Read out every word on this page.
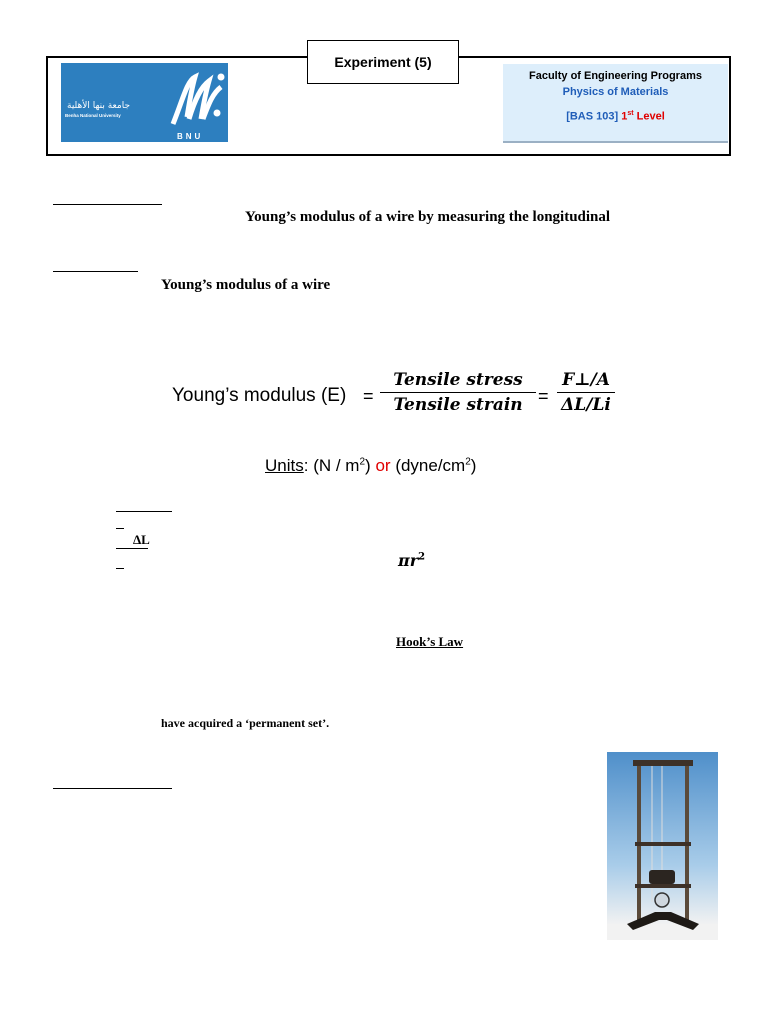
Experiment (5)
جامعة بنها الأهلية
Benha National University
BNU
Faculty of Engineering Programs
Physics of Materials
[BAS 103] 1st Level
Young’s modulus of a wire by measuring the longitudinal
Young’s modulus of a wire
Young’s modulus (E) =
Tensile stress
Tensile strain =
F⊥/A
ΔL/Li
Units: $(N / m^2)$ or $(dyne/cm^2)$
ΔL
$\pi r^2$
Hook’s Law
have acquired a ‘permanent set’.
